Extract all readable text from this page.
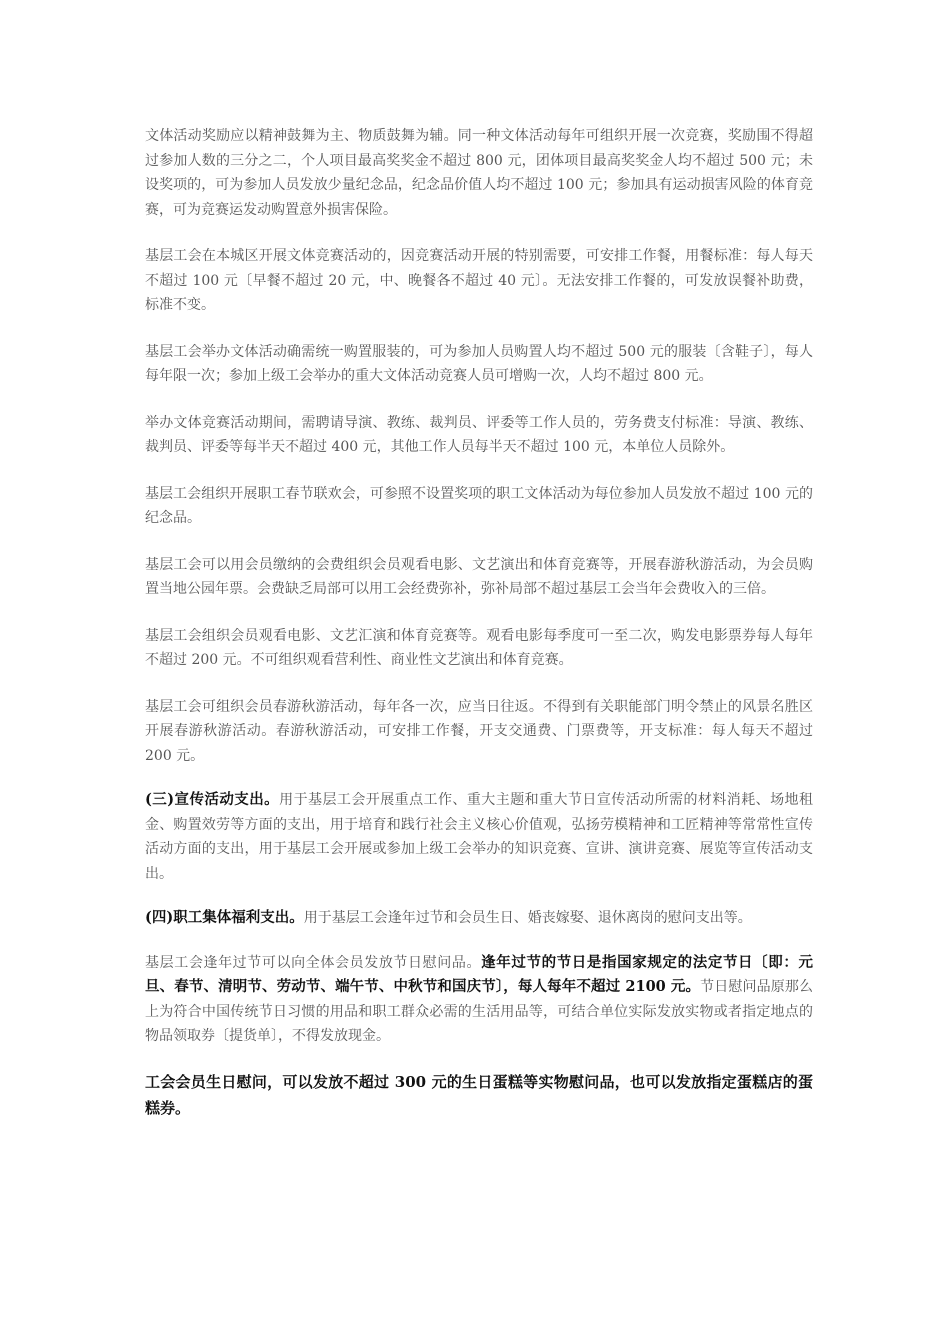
文体活动奖励应以精神鼓舞为主、物质鼓舞为辅。同一种文体活动每年可组织开展一次竞赛，奖励围不得超过参加人数的三分之二，个人项目最高奖奖金不超过 800 元，团体项目最高奖奖金人均不超过 500 元；未设奖项的，可为参加人员发放少量纪念品，纪念品价值人均不超过 100 元；参加具有运动损害风险的体育竞赛，可为竞赛运发动购置意外损害保险。

基层工会在本城区开展文体竞赛活动的，因竞赛活动开展的特别需要，可安排工作餐，用餐标准：每人每天不超过 100 元〔早餐不超过 20 元，中、晚餐各不超过 40 元〕。无法安排工作餐的，可发放误餐补助费，标准不变。

基层工会举办文体活动确需统一购置服装的，可为参加人员购置人均不超过 500 元的服装〔含鞋子〕，每人每年限一次；参加上级工会举办的重大文体活动竞赛人员可增购一次，人均不超过 800 元。

举办文体竞赛活动期间，需聘请导演、教练、裁判员、评委等工作人员的，劳务费支付标准：导演、教练、裁判员、评委等每半天不超过 400 元，其他工作人员每半天不超过 100 元，本单位人员除外。

基层工会组织开展职工春节联欢会，可参照不设置奖项的职工文体活动为每位参加人员发放不超过 100 元的纪念品。

基层工会可以用会员缴纳的会费组织会员观看电影、文艺演出和体育竞赛等，开展春游秋游活动，为会员购置当地公园年票。会费缺乏局部可以用工会经费弥补，弥补局部不超过基层工会当年会费收入的三倍。

基层工会组织会员观看电影、文艺汇演和体育竞赛等。观看电影每季度可一至二次，购发电影票券每人每年不超过 200 元。不可组织观看营利性、商业性文艺演出和体育竞赛。

基层工会可组织会员春游秋游活动，每年各一次，应当日往返。不得到有关职能部门明令禁止的风景名胜区开展春游秋游活动。春游秋游活动，可安排工作餐，开支交通费、门票费等，开支标准：每人每天不超过 200 元。

(三)宣传活动支出。用于基层工会开展重点工作、重大主题和重大节日宣传活动所需的材料消耗、场地租金、购置效劳等方面的支出，用于培育和践行社会主义核心价值观，弘扬劳模精神和工匠精神等常常性宣传活动方面的支出，用于基层工会开展或参加上级工会举办的知识竞赛、宣讲、演讲竞赛、展览等宣传活动支出。

(四)职工集体福利支出。用于基层工会逢年过节和会员生日、婚丧嫁娶、退休离岗的慰问支出等。

基层工会逢年过节可以向全体会员发放节日慰问品。逢年过节的节日是指国家规定的法定节日〔即：元旦、春节、清明节、劳动节、端午节、中秋节和国庆节〕，每人每年不超过 2100 元。节日慰问品原那么上为符合中国传统节日习惯的用品和职工群众必需的生活用品等，可结合单位实际发放实物或者指定地点的物品领取券〔提货单〕，不得发放现金。

工会会员生日慰问，可以发放不超过 300 元的生日蛋糕等实物慰问品，也可以发放指定蛋糕店的蛋糕券。
